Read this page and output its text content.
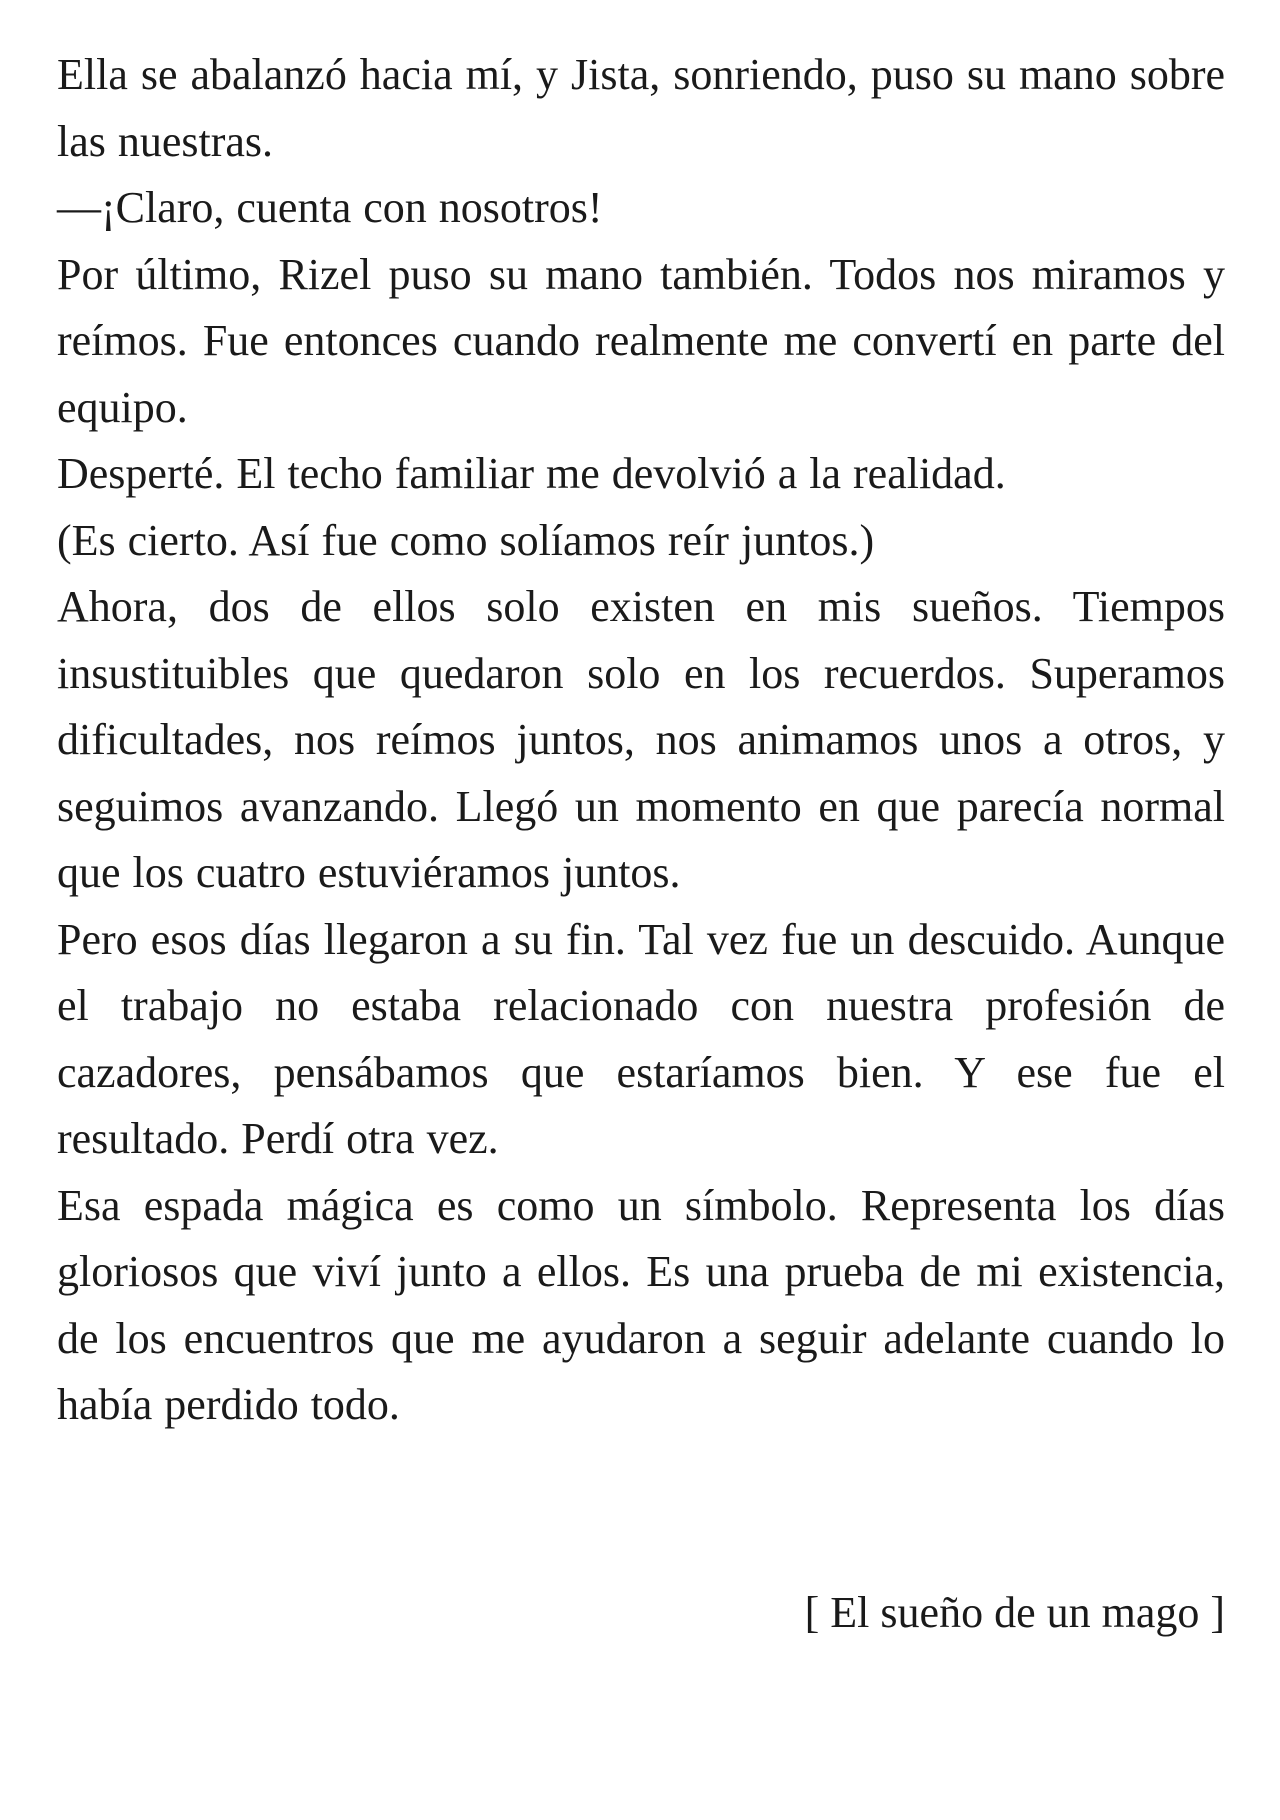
Ella se abalanzó hacia mí, y Jista, sonriendo, puso su mano sobre las nuestras.

—¡Claro, cuenta con nosotros!

Por último, Rizel puso su mano también. Todos nos miramos y reímos. Fue entonces cuando realmente me convertí en parte del equipo.

Desperté. El techo familiar me devolvió a la realidad.

(Es cierto. Así fue como solíamos reír juntos.)

Ahora, dos de ellos solo existen en mis sueños. Tiempos insustituibles que quedaron solo en los recuerdos. Superamos dificultades, nos reímos juntos, nos animamos unos a otros, y seguimos avanzando. Llegó un momento en que parecía normal que los cuatro estuviéramos juntos.

Pero esos días llegaron a su fin. Tal vez fue un descuido. Aunque el trabajo no estaba relacionado con nuestra profesión de cazadores, pensábamos que estaríamos bien. Y ese fue el resultado. Perdí otra vez.

Esa espada mágica es como un símbolo. Representa los días gloriosos que viví junto a ellos. Es una prueba de mi existencia, de los encuentros que me ayudaron a seguir adelante cuando lo había perdido todo.

[ El sueño de un mago ]
